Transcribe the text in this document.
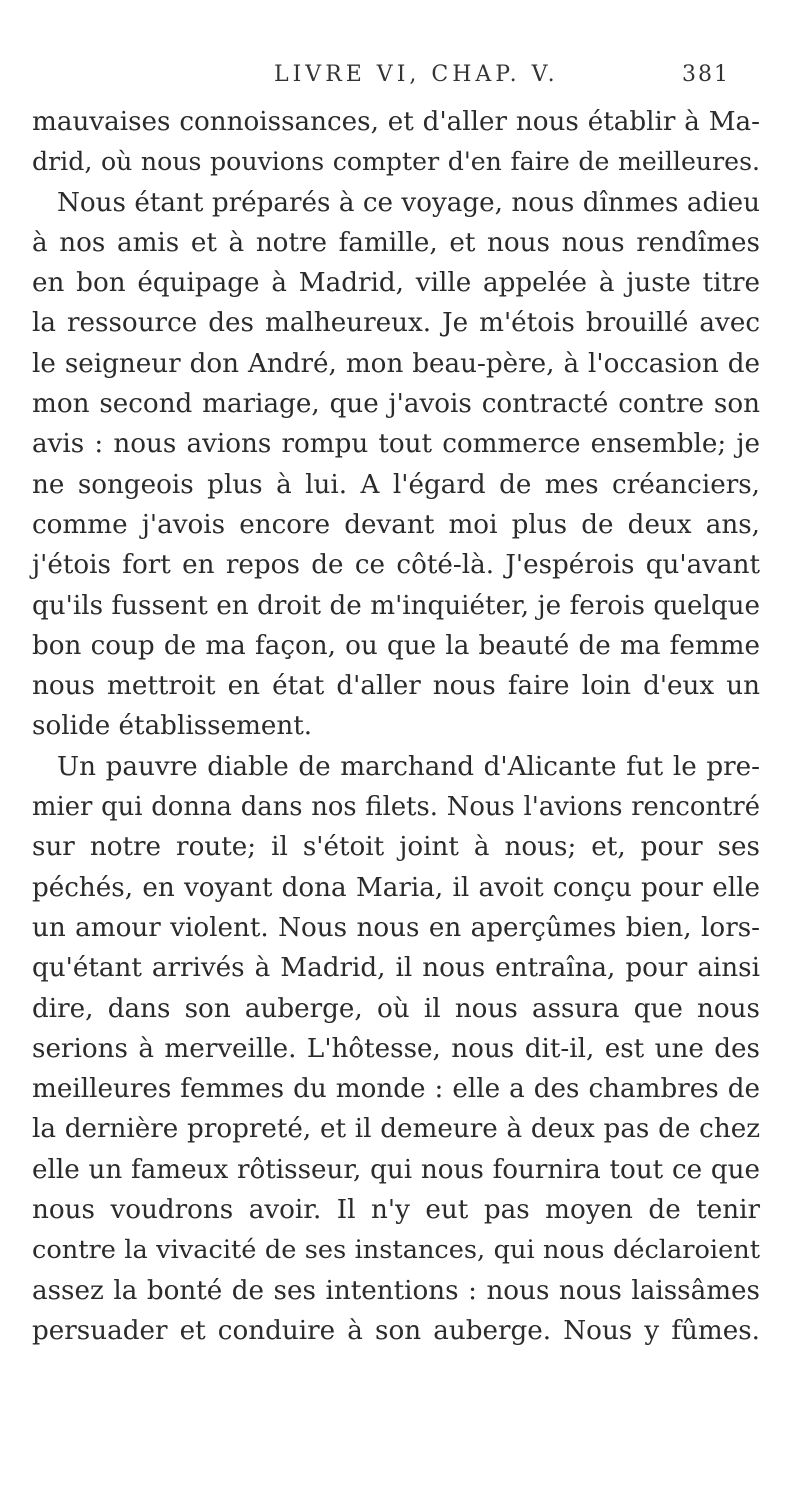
LIVRE VI, CHAP. V.	381
mauvaises connoissances, et d'aller nous établir à Ma-
drid, où nous pouvions compter d'en faire de meilleures.
Nous étant préparés à ce voyage, nous dînmes adieu
à nos amis et à notre famille, et nous nous rendîmes
en bon équipage à Madrid, ville appelée à juste titre
la ressource des malheureux. Je m'étois brouillé avec
le seigneur don André, mon beau-père, à l'occasion de
mon second mariage, que j'avois contracté contre son
avis : nous avions rompu tout commerce ensemble; je
ne songeois plus à lui. A l'égard de mes créanciers,
comme j'avois encore devant moi plus de deux ans,
j'étois fort en repos de ce côté-là. J'espérois qu'avant
qu'ils fussent en droit de m'inquiéter, je ferois quelque
bon coup de ma façon, ou que la beauté de ma femme
nous mettroit en état d'aller nous faire loin d'eux un
solide établissement.
Un pauvre diable de marchand d'Alicante fut le pre-
mier qui donna dans nos filets. Nous l'avions rencontré
sur notre route; il s'étoit joint à nous; et, pour ses
péchés, en voyant dona Maria, il avoit conçu pour elle
un amour violent. Nous nous en aperçûmes bien, lors-
qu'étant arrivés à Madrid, il nous entraîna, pour ainsi
dire, dans son auberge, où il nous assura que nous
serions à merveille. L'hôtesse, nous dit-il, est une des
meilleures femmes du monde : elle a des chambres de
la dernière propreté, et il demeure à deux pas de chez
elle un fameux rôtisseur, qui nous fournira tout ce que
nous voudrons avoir. Il n'y eut pas moyen de tenir
contre la vivacité de ses instances, qui nous déclaroient
assez la bonté de ses intentions : nous nous laissâmes
persuader et conduire à son auberge. Nous y fûmes.
